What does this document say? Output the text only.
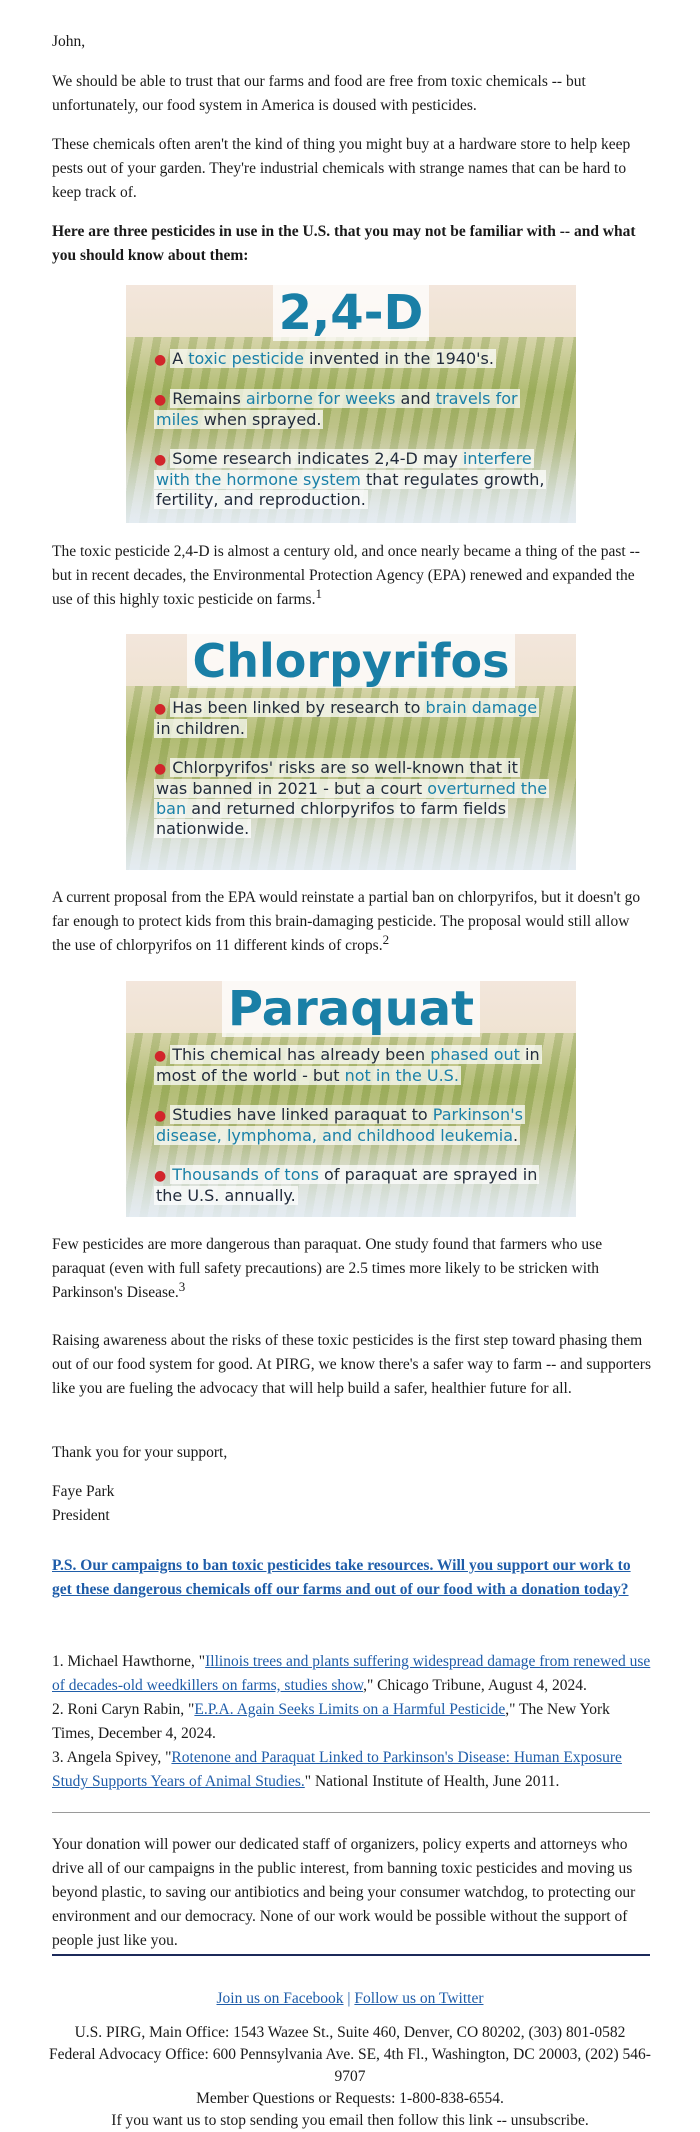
John,

We should be able to trust that our farms and food are free from toxic chemicals -- but unfortunately, our food system in America is doused with pesticides.

These chemicals often aren't the kind of thing you might buy at a hardware store to help keep pests out of your garden. They're industrial chemicals with strange names that can be hard to keep track of.

Here are three pesticides in use in the U.S. that you may not be familiar with -- and what you should know about them:

2,4-D
● A toxic pesticide invented in the 1940's.
● Remains airborne for weeks and travels for miles when sprayed.
● Some research indicates 2,4-D may interfere with the hormone system that regulates growth, fertility, and reproduction.

The toxic pesticide 2,4-D is almost a century old, and once nearly became a thing of the past -- but in recent decades, the Environmental Protection Agency (EPA) renewed and expanded the use of this highly toxic pesticide on farms.$^1$

Chlorpyrifos
● Has been linked by research to brain damage in children.
● Chlorpyrifos' risks are so well-known that it was banned in 2021 - but a court overturned the ban and returned chlorpyrifos to farm fields nationwide.

A current proposal from the EPA would reinstate a partial ban on chlorpyrifos, but it doesn't go far enough to protect kids from this brain-damaging pesticide. The proposal would still allow the use of chlorpyrifos on 11 different kinds of crops.$^2$

Paraquat
● This chemical has already been phased out in most of the world - but not in the U.S.
● Studies have linked paraquat to Parkinson's disease, lymphoma, and childhood leukemia.
● Thousands of tons of paraquat are sprayed in the U.S. annually.

Few pesticides are more dangerous than paraquat. One study found that farmers who use paraquat (even with full safety precautions) are 2.5 times more likely to be stricken with Parkinson's Disease.$^3$

Raising awareness about the risks of these toxic pesticides is the first step toward phasing them out of our food system for good. At PIRG, we know there's a safer way to farm -- and supporters like you are fueling the advocacy that will help build a safer, healthier future for all.

Thank you for your support,

Faye Park

President

P.S. Our campaigns to ban toxic pesticides take resources. Will you support our work to get these dangerous chemicals off our farms and out of our food with a donation today?

1. Michael Hawthorne, "Illinois trees and plants suffering widespread damage from renewed use of decades-old weedkillers on farms, studies show," Chicago Tribune, August 4, 2024.

2. Roni Caryn Rabin, "E.P.A. Again Seeks Limits on a Harmful Pesticide," The New York Times, December 4, 2024.

3. Angela Spivey, "Rotenone and Paraquat Linked to Parkinson's Disease: Human Exposure Study Supports Years of Animal Studies." National Institute of Health, June 2011.

Your donation will power our dedicated staff of organizers, policy experts and attorneys who drive all of our campaigns in the public interest, from banning toxic pesticides and moving us beyond plastic, to saving our antibiotics and being your consumer watchdog, to protecting our environment and our democracy. None of our work would be possible without the support of people just like you.

Join us on Facebook | Follow us on Twitter

U.S. PIRG, Main Office: 1543 Wazee St., Suite 460, Denver, CO 80202, (303) 801-0582

Federal Advocacy Office: 600 Pennsylvania Ave. SE, 4th Fl., Washington, DC 20003, (202) 546-9707

Member Questions or Requests: 1-800-838-6554.

If you want us to stop sending you email then follow this link -- unsubscribe.
